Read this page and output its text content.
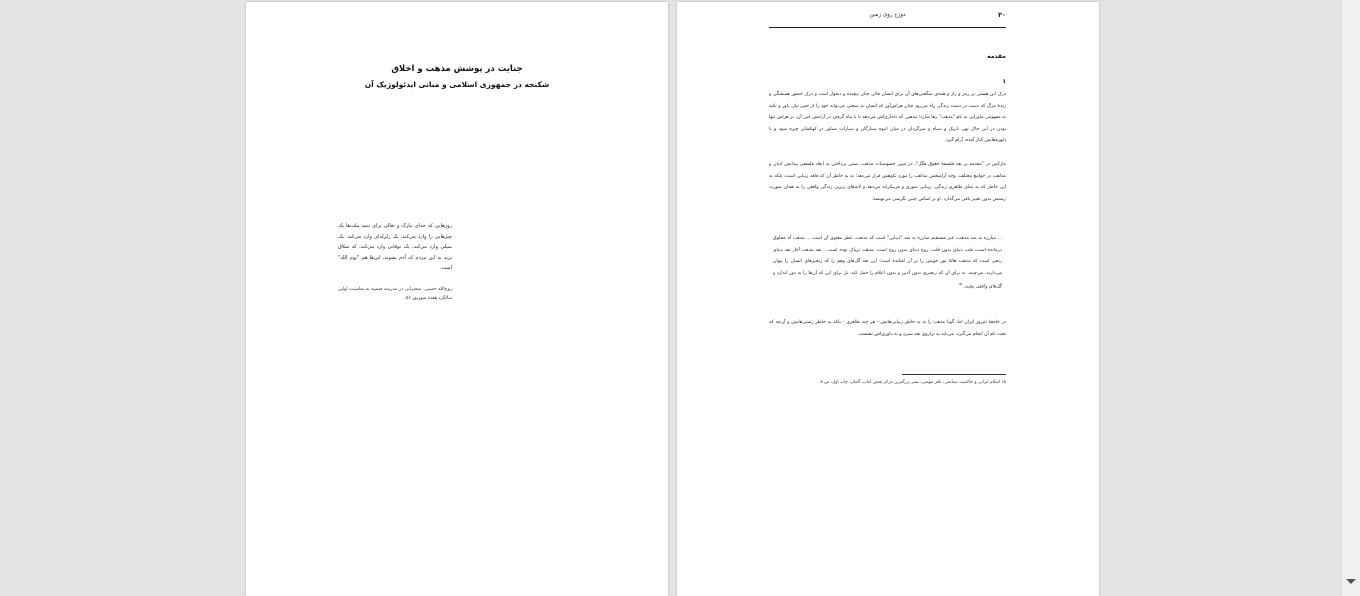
جنایت در پوشش مذهب و اخلاق
شکنجه در جمهوری اسلامی و مبانی ایدئولوژیک آن
روزهایی که خدای تبارک و تعالی برای تنبیه ملت‌ها یک چیزهایی را وارد می‌کند، یک زلزله‌ای وارد می‌کند، یک سیلی وارد می‌کند، یک توفانی وارد می‌کند، که شلاق بزند به این مردم که آدم بشوند، این‌ها هم "یوم الله" است.
روح‌الله خمینی، سخنرانی در مدرسه فیضیه به مناسبت اولین سالگرد هفده شهریور ۵۷.
۲۰
دوزخ روی زمین
مقدمه
۱

درک این هستی پر رمز و راز و همه‌ی شگفتی‌های آن برای انسان قائی چنان پیچیده و دشوار است و درک حضور همیشگی و زندهٔ مرگ که دست در دست زندگی راه می‌رود چنان هراس‌آور که انسان به سختی می‌تواند خود را از حس نیاز، باور و تکیه به مفهومی ماورایی به نام "مذهب" رها سازد؛ مذهبی که دلداری‌اش می‌دهد تا با پناه گرفتن در آرامش امن آن، بر هراس تنها بودن در این خاک تهی تاریک و سیاه و سرگردان در میان انبوه ستارگان و سیارات شناور در کهکشان چیره شود و با دلهره‌هایش کنار آمده، آرام گیرد.

مارکس در "مقدمه بر نقد فلسفهٔ حقوق هگل"، در تبیین خصوصیات مذهب، ضمن پرداختن به ابعاد فلسفی پیدایش ادیان و مذاهب در جوامع مختلف، وجه آرامبخش مذاهب را مورد نکوهش قرار می‌دهد؛ نه به خاطر آن که فاقد زیبایی است، بلکه به این خاطر که به نمای ظاهری زندگی، زیبایی صوری و فریبکرانه می‌دهد و لایه‌های زیرین زندگی واقعی را به همان صورت زشتش بدون تغییر باقی می‌گذارد. او بر اساس چنین نگرشی می‌نویسد:

... مبارزه به ضد مذهب، غیر مستقیم مبارزه به ضد "دنیایی" است که مذهب، عطر معنوی آن است ... مذهب آه مخلوق درمانده است، قلب دنیای بدون قلب، روح دنیای بدون روح است. مذهب تریاک توده است... نقد مذهب آغاز نقد دنیای رنجی است که مذهب هالهٔ نور خویش را بر آن افکنده است؛ این نقد گل‌های وهم را که زنجیرهای انسان را پنهان می‌دارند، می‌چیند، نه برای آن که زنجیری بدون آذین و بدون اعلام را حمل کند، بل برای این که آن‌ها را به دور اندازد و گل‌های واقعی بچیند. $^{۱۵}$

در جامعهٔ امروز ایران اما، گویا مذهب را نه به خاطر زیبایی‌هایش - هر چند ظاهری - بلکه به خاطر زشتی‌هایش و آن‌چه که تحت نام آن انجام می‌گیرد، می‌باید به ترازوی نقد سپرد و به داوری‌اش نشست.

۱۵ اسلام ایرانی و حاکمیت سیاسی، باقر مؤمنی، نشر بزرگترین مرکز پخش کتاب، آلمان، چاپ اول، ص ۸.
